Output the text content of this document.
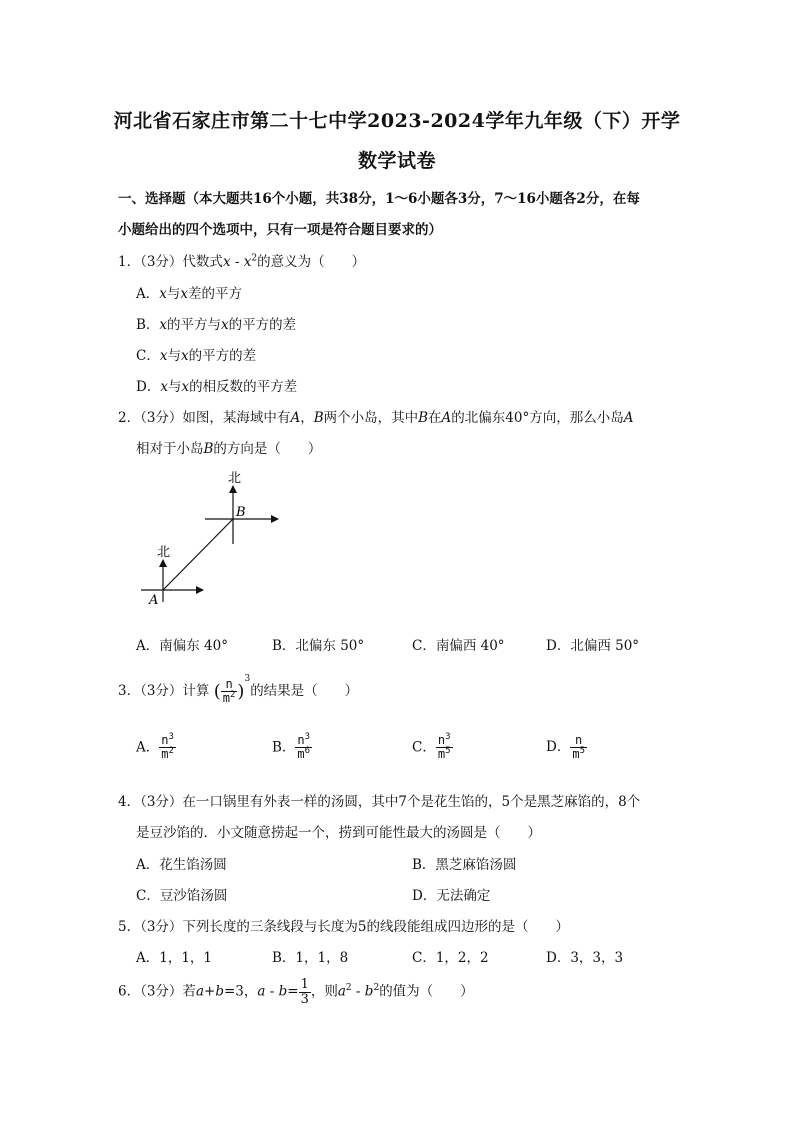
河北省石家庄市第二十七中学2023-2024学年九年级（下）开学
数学试卷
一、选择题（本大题共16个小题，共38分，1～6小题各3分，7～16小题各2分，在每
小题给出的四个选项中，只有一项是符合题目要求的）
1．（3分）代数式x - $x^2$的意义为（　　）
A．x与x差的平方
B．x的平方与x的平方的差
C．x与x的平方的差
D．x与x的相反数的平方差
2．（3分）如图，某海域中有A，B两个小岛，其中B在A的北偏东40°方向，那么小岛A
相对于小岛B的方向是（　　）
北
北
B
A
A．南偏东 40°	B．北偏东 50°	C．南偏西 40°	D．北偏西 50°
3．（3分）计算 ( $\frac{n}{m^2} )^3$的结果是（　　）
A． $\frac{n^3}{m^2}$	B． $\frac{n^3}{m^6}$	C． $\frac{n^3}{m^5}$	D． $\frac{n}{m^5}$
4．（3分）在一口锅里有外表一样的汤圆，其中7个是花生馅的，5个是黑芝麻馅的，8个
是豆沙馅的．小文随意捞起一个，捞到可能性最大的汤圆是（　　）
A．花生馅汤圆	B．黑芝麻馅汤圆
C．豆沙馅汤圆	D．无法确定
5．（3分）下列长度的三条线段与长度为5的线段能组成四边形的是（　　）
A．1，1，1	B．1，1，8	C．1，2，2	D．3，3，3
6．（3分）若a+b=3，$a - b= \frac{1}{3}$ ，则$a^2 - b^2$的值为（　　）
